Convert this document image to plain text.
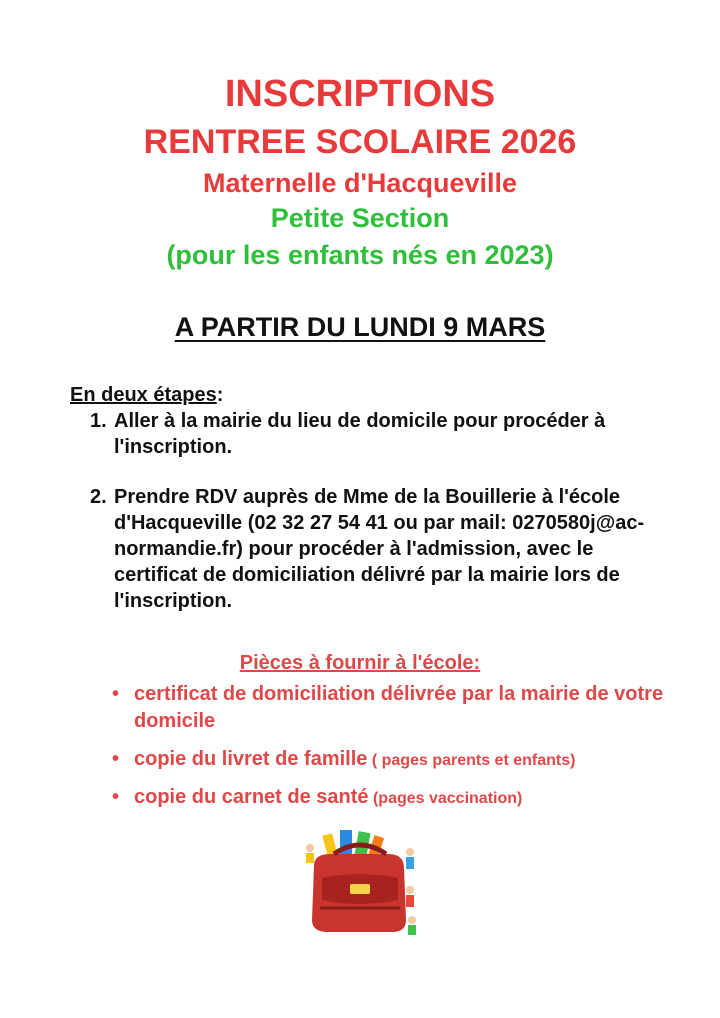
INSCRIPTIONS
RENTREE SCOLAIRE 2026
Maternelle d'Hacqueville
Petite Section
(pour les enfants nés en 2023)
A PARTIR DU LUNDI 9 MARS
En deux étapes:
1. Aller à la mairie du lieu de domicile pour procéder à l'inscription.
2. Prendre RDV auprès de Mme de la Bouillerie à l'école d'Hacqueville (02 32 27 54 41 ou par mail: 0270580j@ac-normandie.fr) pour procéder à l'admission, avec le certificat de domiciliation délivré par la mairie lors de l'inscription.
Pièces à fournir à l'école:
• certificat de domiciliation délivrée par la mairie de votre domicile
• copie du livret de famille ( pages parents et enfants)
• copie du carnet de santé (pages vaccination)
